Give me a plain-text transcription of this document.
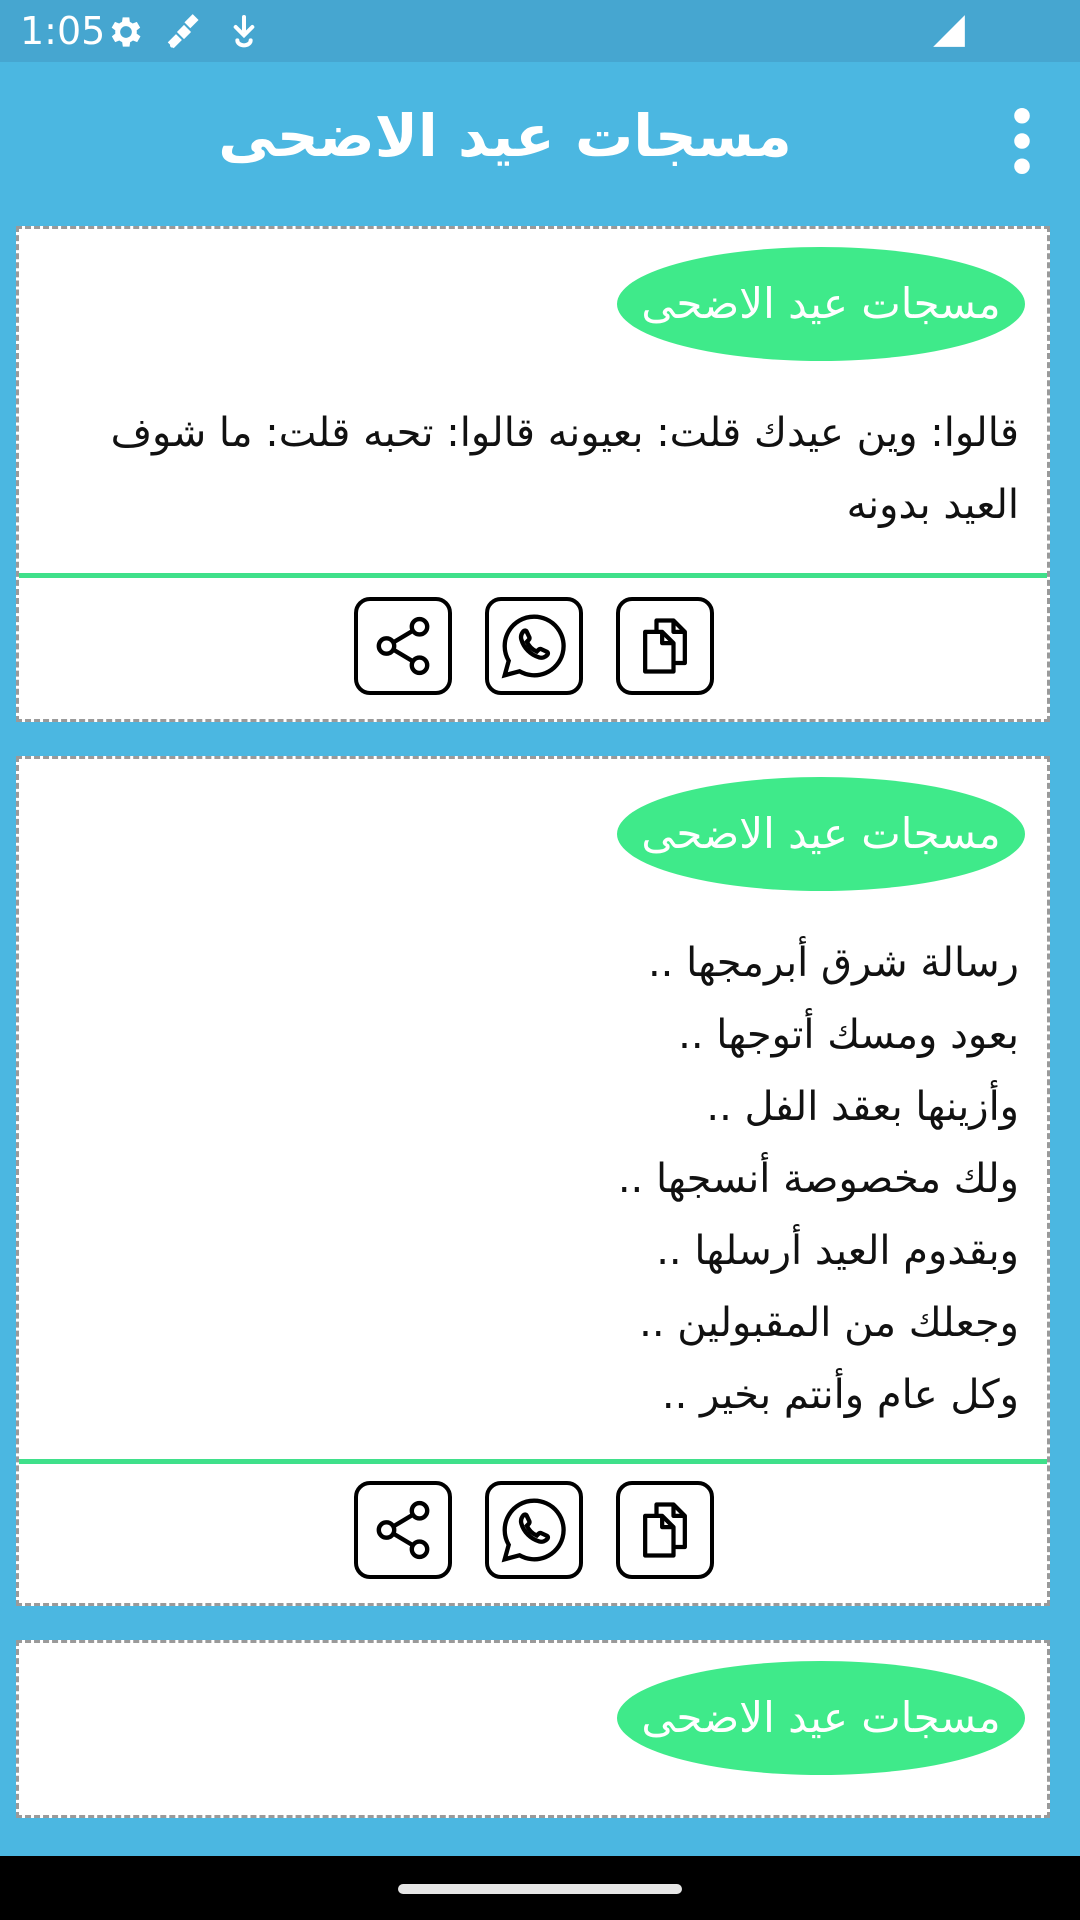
1:05
مسجات عيد الاضحى
مسجات عيد الاضحى

قالوا: وين عيدك قلت: بعيونه قالوا: تحبه قلت: ما شوف العيد بدونه

مسجات عيد الاضحى

رسالة شرق أبرمجها ..
بعود ومسك أتوجها ..
وأزينها بعقد الفل ..
ولك مخصوصة أنسجها ..
وبقدوم العيد أرسلها ..
وجعلك من المقبولين ..
وكل عام وأنتم بخير ..

مسجات عيد الاضحى
